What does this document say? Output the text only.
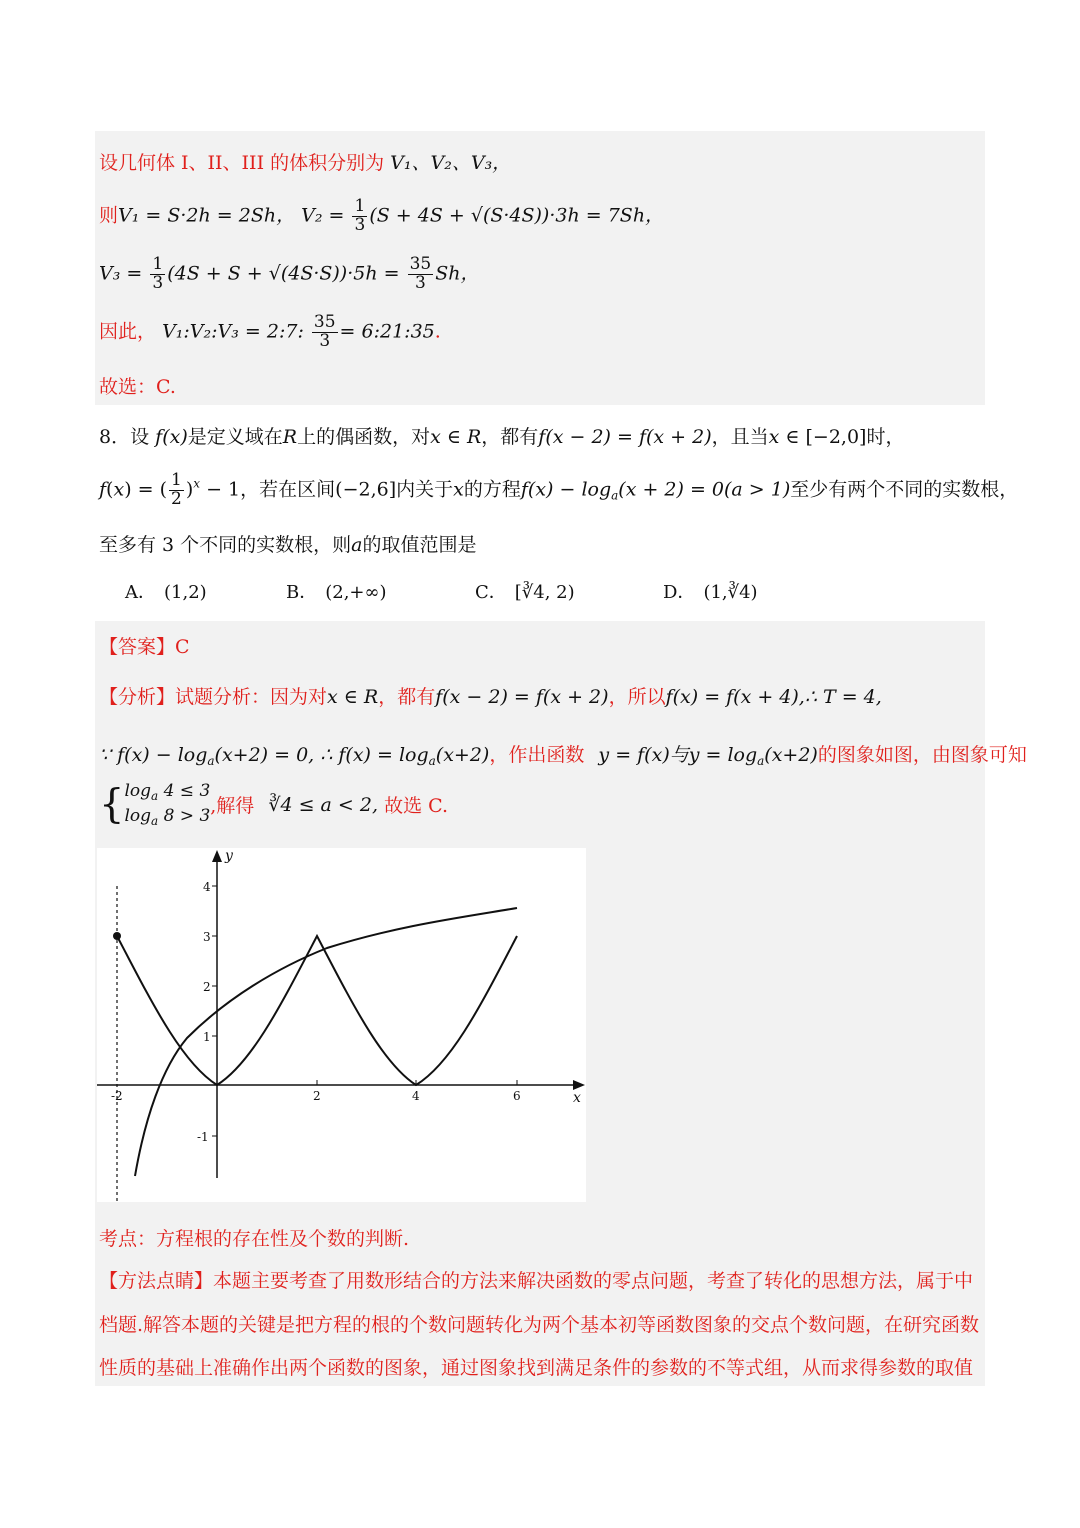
设几何体 I、II、III 的体积分别为 V₁、V₂、V₃，
则V₁ = S·2h = 2Sh， $V_2 = \frac{1}{3} (S + 4S + √(S\cdot 4S))\cdot 3h = 7Sh$，
$V_3 = \frac{1}{3} (4S + S + √(4S\cdot S))\cdot 5h = \frac{35}{3}$ Sh，
因此， V₁:V₂:V₃ = 2:7: $\frac{35}{3}$ = 6:21:35.
故选：C.
8．设 f(x)是定义域在R上的偶函数，对x ∈ R，都有f(x − 2) = f(x + 2)，且当x ∈ [−2,0]时，
f(x) = ( $\frac{1}{2} )^x - 1$，若在区间(−2,6]内关于x的方程$f(x) - \log_a(x + 2) = 0(a > 1)$至少有两个不同的实数根，
至多有 3 个不同的实数根，则a的取值范围是
A． (1,2)	B． (2,+∞)	C． [∛4, 2)	D． (1,∛4)
【答案】C
【分析】试题分析：因为对x ∈ R，都有f(x − 2) = f(x + 2)，所以f(x) = f(x + 4),∴ T = 4,
∵ $f(x) - \log_a(x+2) = 0$, ∴ $f(x) = \log_a(x+2)$，作出函数 y = f(x)与$y = \log_a(x+2)$的图象如图，由图象可知
{ $\log_a 4 \le 3$
$\log_a 8 > 3$ ,解得 ∛4 ≤ a < 2, 故选 C.
y
x
-2	2	4	6
4
3
2
1
-1
考点：方程根的存在性及个数的判断.
【方法点睛】本题主要考查了用数形结合的方法来解决函数的零点问题，考查了转化的思想方法，属于中
档题.解答本题的关键是把方程的根的个数问题转化为两个基本初等函数图象的交点个数问题，在研究函数
性质的基础上准确作出两个函数的图象，通过图象找到满足条件的参数的不等式组，从而求得参数的取值
